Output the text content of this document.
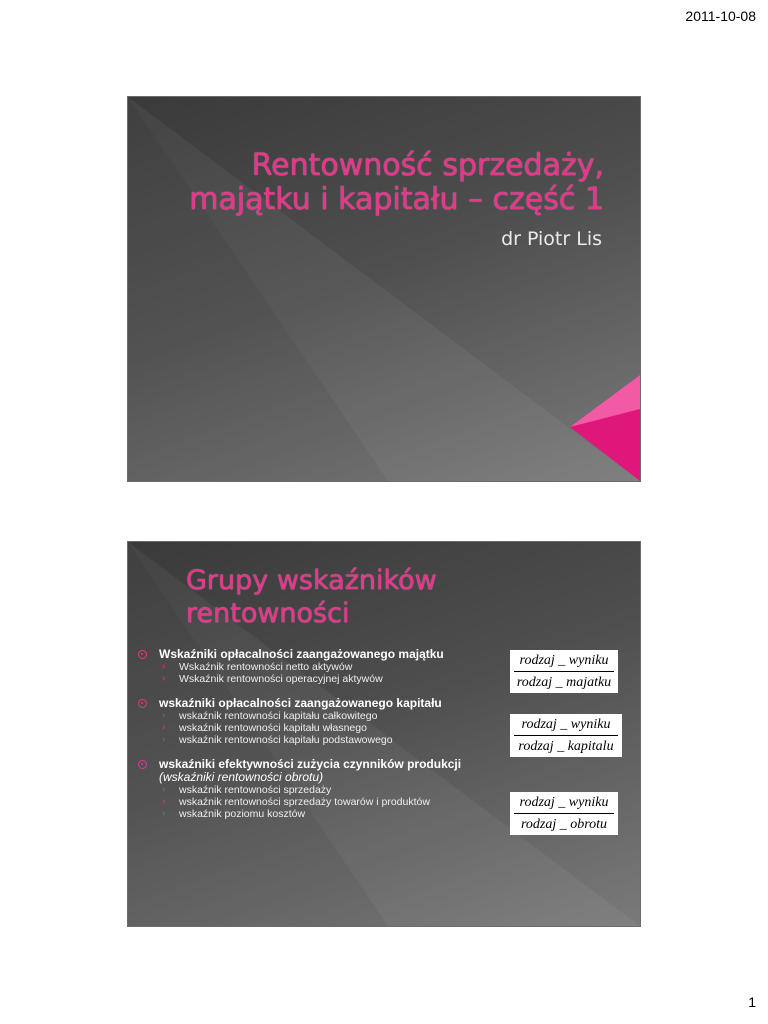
2011-10-08
Rentowność sprzedaży,
majątku i kapitału – część 1
dr Piotr Lis
Grupy wskaźników
rentowności
Wskaźniki opłacalności zaangażowanego majątku
›	Wskaźnik rentowności netto aktywów
›	Wskaźnik rentowności operacyjnej aktywów
wskaźniki opłacalności zaangażowanego kapitału
›	wskaźnik rentowności kapitału całkowitego
›	wskaźnik rentowności kapitału własnego
›	wskaźnik rentowności kapitału podstawowego
wskaźniki efektywności zużycia czynników produkcji (wskaźniki rentowności obrotu)
›	wskaźnik rentowności sprzedaży
›	wskaźnik rentowności sprzedaży towarów i produktów
›	wskaźnik poziomu kosztów
rodzaj _ wyniku
rodzaj _ majatku
rodzaj _ wyniku
rodzaj _ kapitalu
rodzaj _ wyniku
rodzaj _ obrotu
1
